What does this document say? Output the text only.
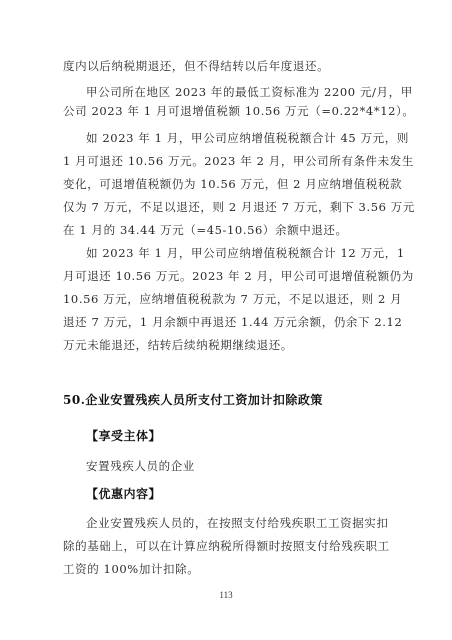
度内以后纳税期退还，但不得结转以后年度退还。
甲公司所在地区 2023 年的最低工资标准为 2200 元/月，甲
公司 2023 年 1 月可退增值税额 10.56 万元（=0.22*4*12）。
如 2023 年 1 月，甲公司应纳增值税税额合计 45 万元，则
1 月可退还 10.56 万元。2023 年 2 月，甲公司所有条件未发生
变化，可退增值税额仍为 10.56 万元，但 2 月应纳增值税税款
仅为 7 万元，不足以退还，则 2 月退还 7 万元，剩下 3.56 万元
在 1 月的 34.44 万元（=45-10.56）余额中退还。
如 2023 年 1 月，甲公司应纳增值税税额合计 12 万元，1
月可退还 10.56 万元。2023 年 2 月，甲公司可退增值税额仍为
10.56 万元，应纳增值税税款为 7 万元，不足以退还，则 2 月
退还 7 万元，1 月余额中再退还 1.44 万元余额，仍余下 2.12
万元未能退还，结转后续纳税期继续退还。
50.企业安置残疾人员所支付工资加计扣除政策
【享受主体】
安置残疾人员的企业
【优惠内容】
企业安置残疾人员的，在按照支付给残疾职工工资据实扣
除的基础上，可以在计算应纳税所得额时按照支付给残疾职工
工资的 100%加计扣除。
113
